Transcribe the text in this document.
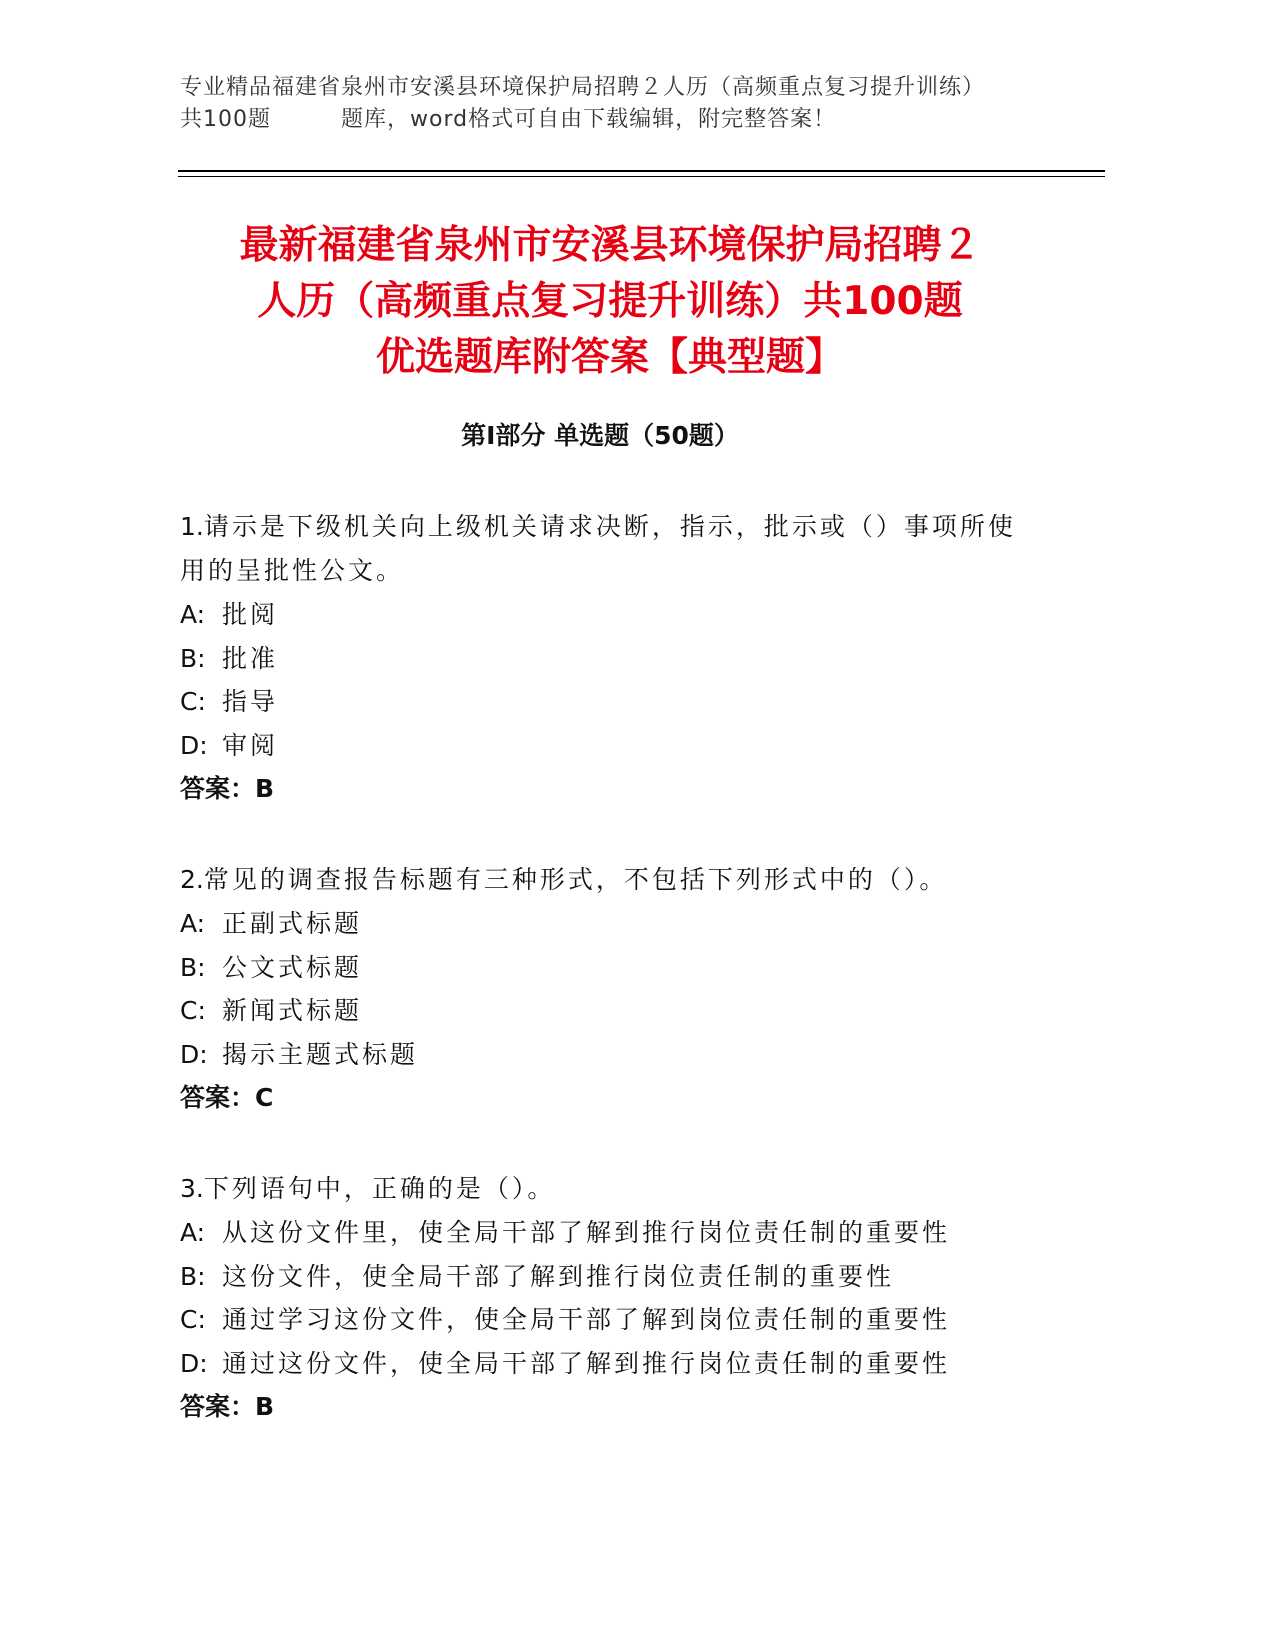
专业精品福建省泉州市安溪县环境保护局招聘２人历（高频重点复习提升训练）
共100题	题库，word格式可自由下载编辑，附完整答案！
最新福建省泉州市安溪县环境保护局招聘２
人历（高频重点复习提升训练）共100题
优选题库附答案【典型题】
第Ⅰ部分 单选题（50题）
1.请示是下级机关向上级机关请求决断，指示，批示或（）事项所使用的呈批性公文。
A: 批阅
B: 批准
C: 指导
D: 审阅
答案：B
2.常见的调查报告标题有三种形式，不包括下列形式中的（）。
A: 正副式标题
B: 公文式标题
C: 新闻式标题
D: 揭示主题式标题
答案：C
3.下列语句中，正确的是（）。
A: 从这份文件里，使全局干部了解到推行岗位责任制的重要性
B: 这份文件，使全局干部了解到推行岗位责任制的重要性
C: 通过学习这份文件，使全局干部了解到岗位责任制的重要性
D: 通过这份文件，使全局干部了解到推行岗位责任制的重要性
答案：B
